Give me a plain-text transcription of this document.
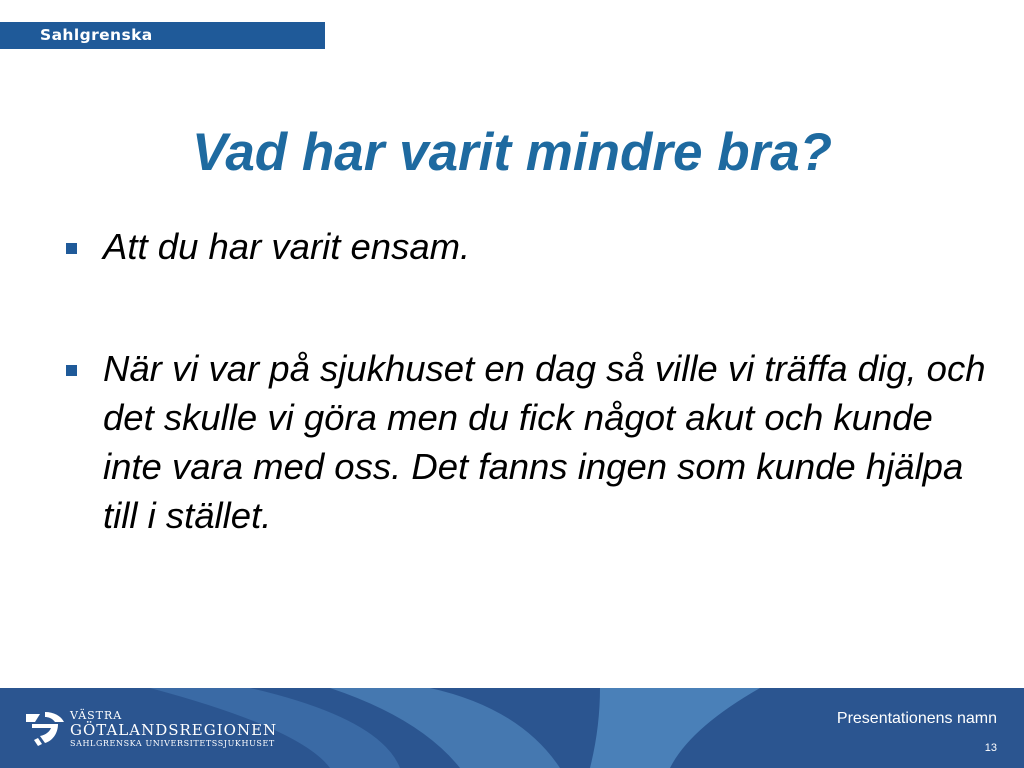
Sahlgrenska Universitetssjukhuset
Vad har varit mindre bra?
Att du har varit ensam.
När vi var på sjukhuset en dag så ville vi träffa dig, och det skulle vi göra men du fick något akut och kunde inte vara med oss. Det fanns ingen som kunde hjälpa till i stället.
VÄSTRA
GÖTALANDSREGIONEN
SAHLGRENSKA UNIVERSITETSSJUKHUSET
Presentationens namn
13
